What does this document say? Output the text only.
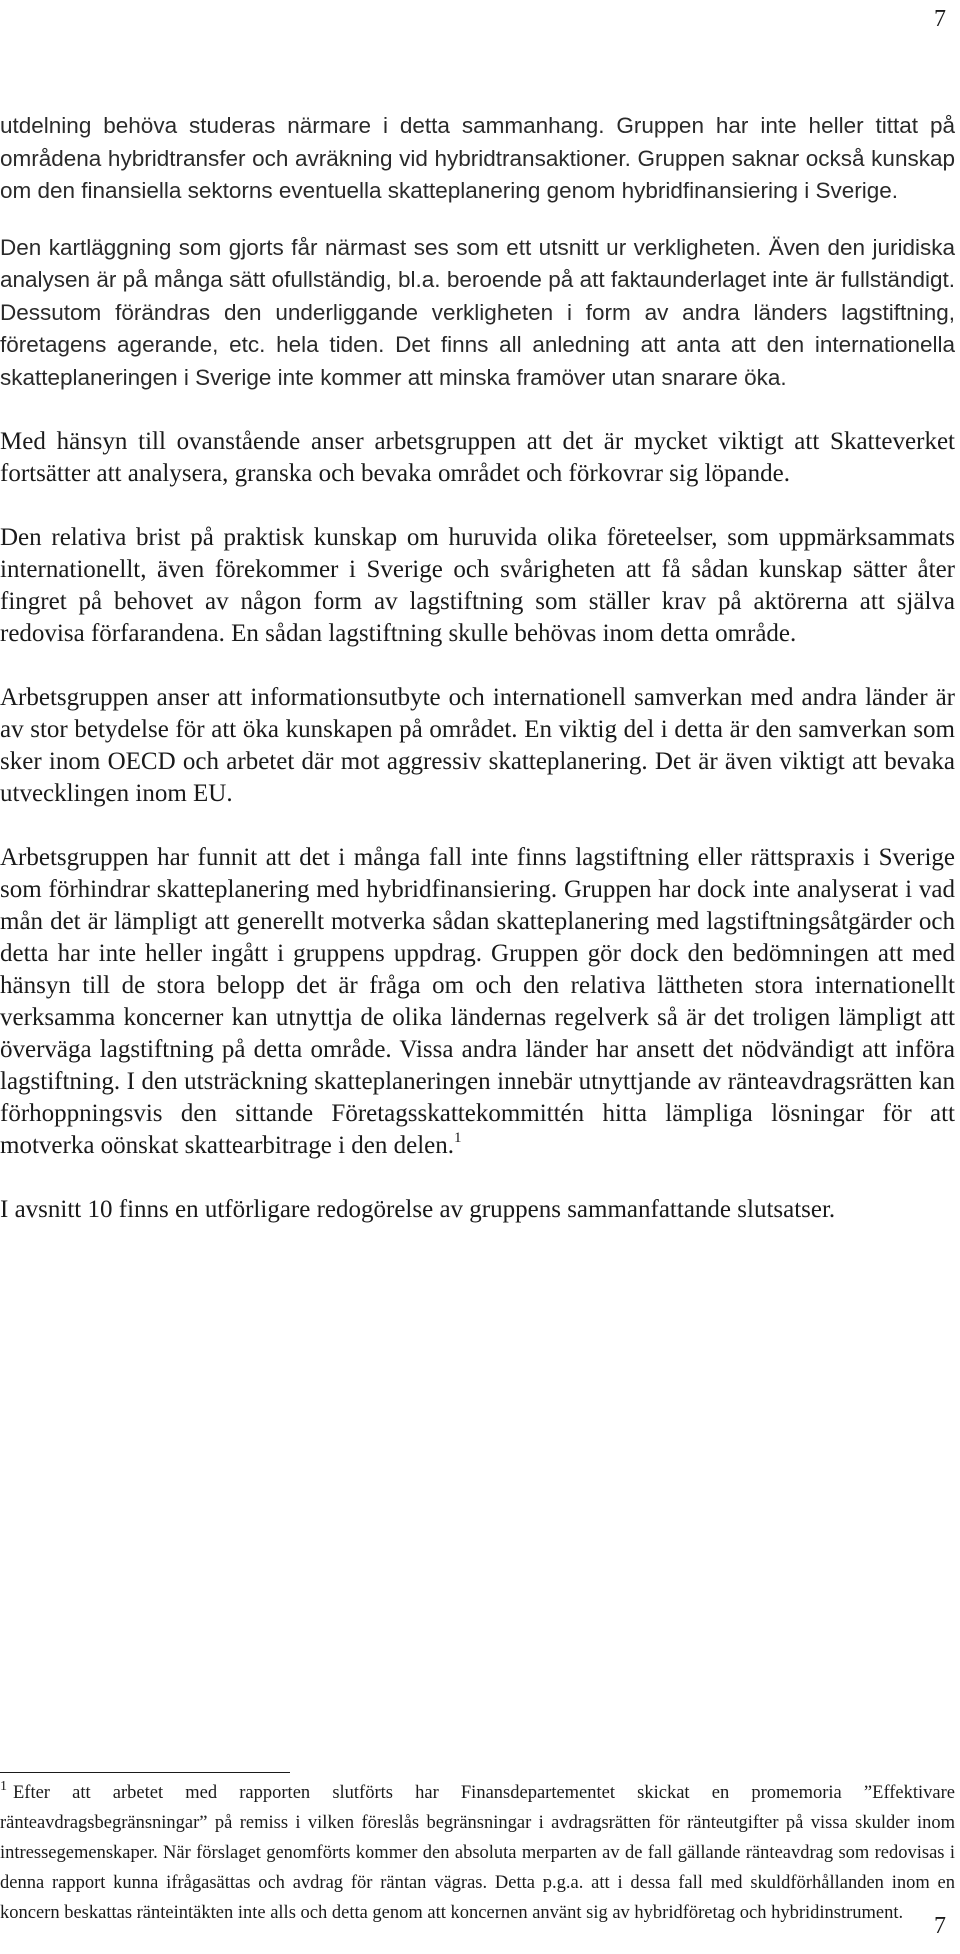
7

utdelning behöva studeras närmare i detta sammanhang. Gruppen har inte heller tittat på områdena hybridtransfer och avräkning vid hybridtransaktioner. Gruppen saknar också kunskap om den finansiella sektorns eventuella skatteplanering genom hybridfinansiering i Sverige.

Den kartläggning som gjorts får närmast ses som ett utsnitt ur verkligheten. Även den juridiska analysen är på många sätt ofullständig, bl.a. beroende på att faktaunderlaget inte är fullständigt. Dessutom förändras den underliggande verkligheten i form av andra länders lagstiftning, företagens agerande, etc. hela tiden. Det finns all anledning att anta att den internationella skatteplaneringen i Sverige inte kommer att minska framöver utan snarare öka.

Med hänsyn till ovanstående anser arbetsgruppen att det är mycket viktigt att Skatteverket fortsätter att analysera, granska och bevaka området och förkovrar sig löpande.

Den relativa brist på praktisk kunskap om huruvida olika företeelser, som uppmärksammats internationellt, även förekommer i Sverige och svårigheten att få sådan kunskap sätter åter fingret på behovet av någon form av lagstiftning som ställer krav på aktörerna att själva redovisa förfarandena. En sådan lagstiftning skulle behövas inom detta område.

Arbetsgruppen anser att informationsutbyte och internationell samverkan med andra länder är av stor betydelse för att öka kunskapen på området. En viktig del i detta är den samverkan som sker inom OECD och arbetet där mot aggressiv skatteplanering. Det är även viktigt att bevaka utvecklingen inom EU.

Arbetsgruppen har funnit att det i många fall inte finns lagstiftning eller rättspraxis i Sverige som förhindrar skatteplanering med hybridfinansiering. Gruppen har dock inte analyserat i vad mån det är lämpligt att generellt motverka sådan skatteplanering med lagstiftningsåtgärder och detta har inte heller ingått i gruppens uppdrag. Gruppen gör dock den bedömningen att med hänsyn till de stora belopp det är fråga om och den relativa lättheten stora internationellt verksamma koncerner kan utnyttja de olika ländernas regelverk så är det troligen lämpligt att överväga lagstiftning på detta område. Vissa andra länder har ansett det nödvändigt att införa lagstiftning. I den utsträckning skatteplaneringen innebär utnyttjande av ränteavdragsrätten kan förhoppningsvis den sittande Företagsskattekommittén hitta lämpliga lösningar för att motverka oönskat skattearbitrage i den delen.$^1$

I avsnitt 10 finns en utförligare redogörelse av gruppens sammanfattande slutsatser.

$^1$ Efter att arbetet med rapporten slutförts har Finansdepartementet skickat en promemoria ”Effektivare ränteavdragsbegränsningar” på remiss i vilken föreslås begränsningar i avdragsrätten för ränteutgifter på vissa skulder inom intressegemenskaper. När förslaget genomförts kommer den absoluta merparten av de fall gällande ränteavdrag som redovisas i denna rapport kunna ifrågasättas och avdrag för räntan vägras. Detta p.g.a. att i dessa fall med skuldförhållanden inom en koncern beskattas ränteintäkten inte alls och detta genom att koncernen använt sig av hybridföretag och hybridinstrument.	7
